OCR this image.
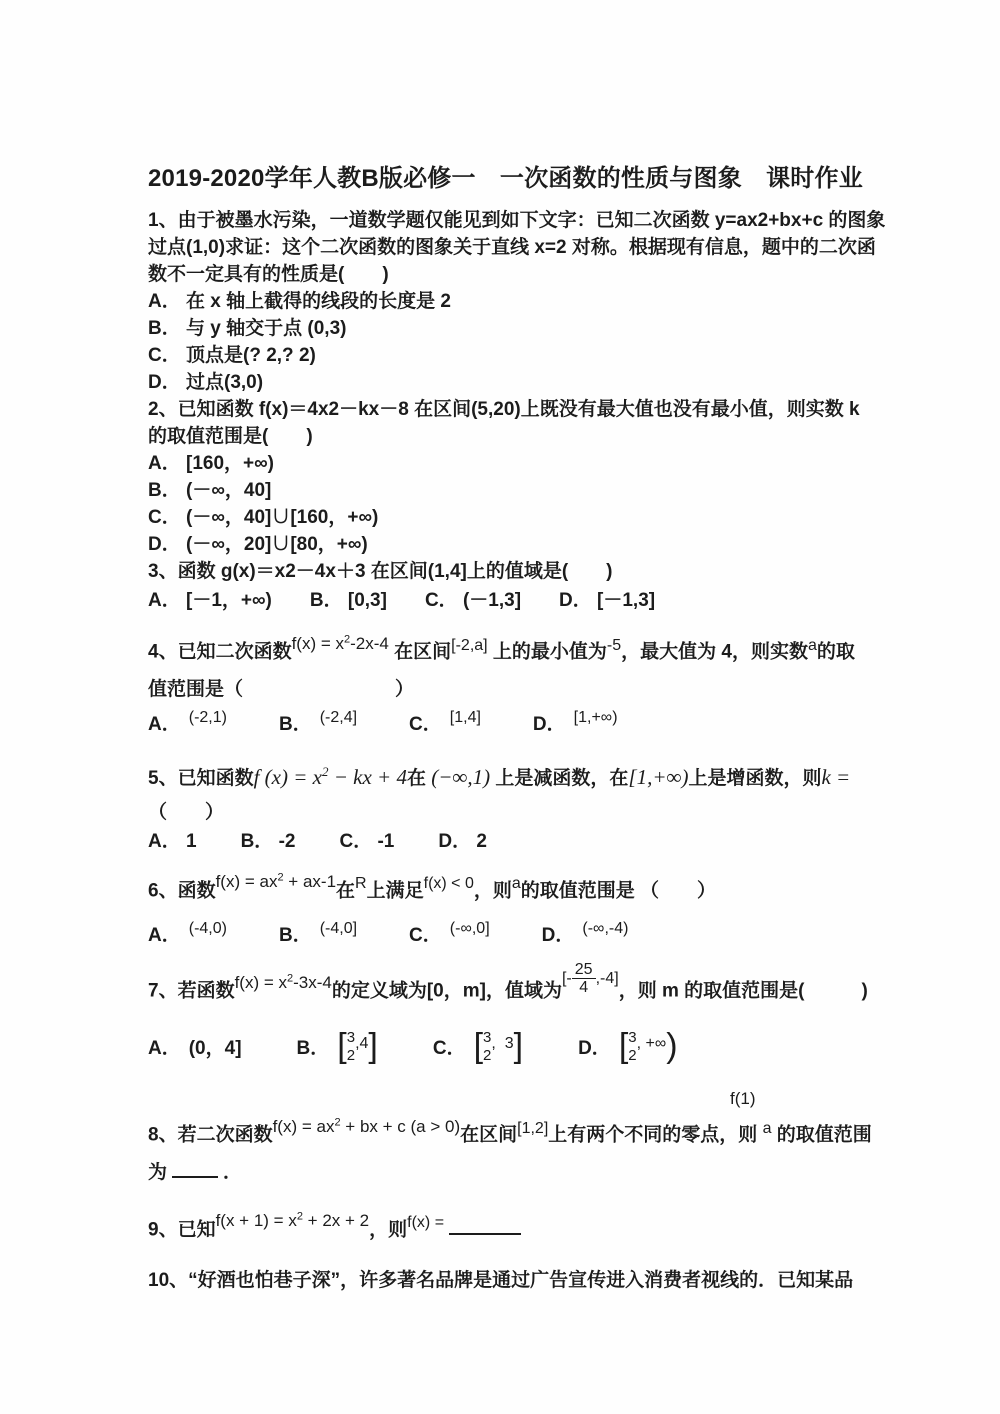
2019-2020学年人教B版必修一　一次函数的性质与图象　课时作业
1、由于被墨水污染，一道数学题仅能见到如下文字：已知二次函数 y=ax2+bx+c 的图象
过点(1,0)求证：这个二次函数的图象关于直线 x=2 对称。根据现有信息，题中的二次函
数不一定具有的性质是(　　)
A． 在 x 轴上截得的线段的长度是 2
B． 与 y 轴交于点 (0,3)
C． 顶点是(? 2,? 2)
D． 过点(3,0)
2、已知函数 f(x)＝4x2－kx－8 在区间(5,20)上既没有最大值也没有最小值，则实数 k
的取值范围是(　　)
A． [160，+∞)
B． (－∞，40]
C． (－∞，40]∪[160，+∞)
D． (－∞，20]∪[80，+∞)
3、函数 g(x)＝x2－4x＋3 在区间(1,4]上的值域是(　　)
A． [－1，+∞) B． [0,3] C． (－1,3] D． [－1,3]
4、已知二次函数$f(x) = x^2-2x-4$ 在区间[-2,a] 上的最小值为$^{-5}$，最大值为 4，则实数$^a$的取
值范围是（　　　　　　　　）
A． (-2,1)	B． (-2,4]	C． [1,4]	D． [1,+∞)
5、已知函数f $(x) = x^2$ − kx + 4在 (−∞,1) 上是减函数，在[1,+∞)上是增函数，则k =
（　　）
A． 1 B． -2 C． -1 D． 2
6、函数$f(x) = ax^2 + ax-1$在$^R$上满足$^{f(x) < 0}$，则$^a$的取值范围是 （　　）
A． (-4,0)	B． (-4,0]	C． (-∞,0]	D． (-∞,-4)
7、若函数$f(x) = x^2-3x-4$的定义域为[0，m]，值域为
[- $\frac{25}{4} ,-4$]
，则 m 的取值范围是(　　　)
A． (0，4]	B． [ 3
2
,4 ]	C． [ 3
2
,  3 ]	D． [ 3
2
, +∞ )
f(1)
8、若二次函数$f(x) = ax^2$ + bx + c (a > 0)在区间[1,2]上有两个不同的零点，则 $^a$ 的取值范围
为	．
9、已知$f(x + 1) = x^2 + 2x + 2$，则$^{f(x) =}$
10、“好酒也怕巷子深”，许多著名品牌是通过广告宣传进入消费者视线的．已知某品
